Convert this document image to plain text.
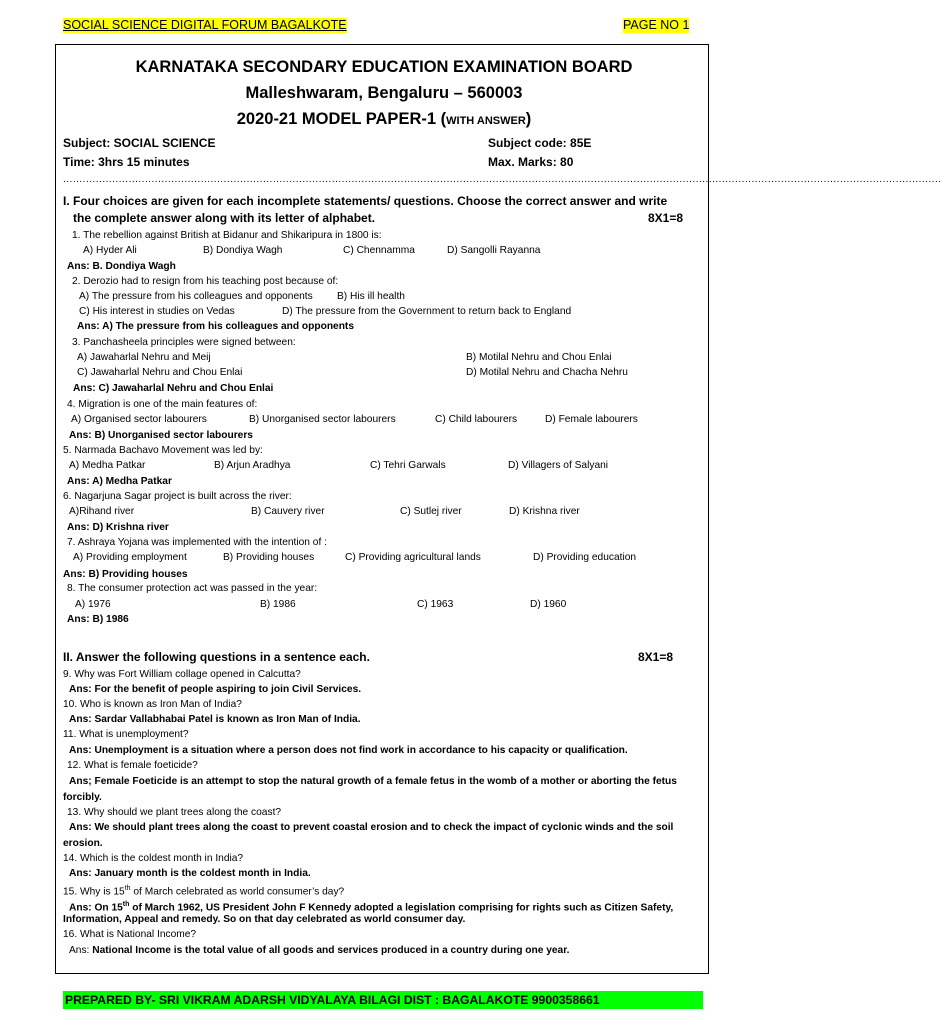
SOCIAL SCIENCE DIGITAL FORUM BAGALKOTE	PAGE NO 1
KARNATAKA SECONDARY EDUCATION EXAMINATION BOARD
Malleshwaram, Bengaluru – 560003
2020-21 MODEL PAPER-1 (WITH ANSWER)
Subject: SOCIAL SCIENCE	Subject code: 85E
Time: 3hrs 15 minutes	Max. Marks: 80
............................................................................................................................................................................................................................................................................
I. Four choices are given for each incomplete statements/ questions. Choose the correct answer and write
the complete answer along with its letter of alphabet.	8X1=8
1. The rebellion against British at Bidanur and Shikaripura in 1800 is:
A) Hyder Ali	B) Dondiya Wagh	C) Chennamma	D) Sangolli Rayanna
Ans: B. Dondiya Wagh
2. Derozio had to resign from his teaching post because of:
A) The pressure from his colleagues and opponents B) His ill health
C) His interest in studies on Vedas	D) The pressure from the Government to return back to England
Ans: A) The pressure from his colleagues and opponents
3. Panchasheela principles were signed between:
A) Jawaharlal Nehru and Meij	B) Motilal Nehru and Chou Enlai
C) Jawaharlal Nehru and Chou Enlai	D) Motilal Nehru and Chacha Nehru
Ans: C) Jawaharlal Nehru and Chou Enlai
4. Migration is one of the main features of:
A) Organised sector labourers	B) Unorganised sector labourers	C) Child labourers	D) Female labourers
Ans: B) Unorganised sector labourers
5. Narmada Bachavo Movement was led by:
A) Medha Patkar	B) Arjun Aradhya	C) Tehri Garwals	D) Villagers of Salyani
Ans: A) Medha Patkar
6. Nagarjuna Sagar project is built across the river:
A)Rihand river	B) Cauvery river	C) Sutlej river	D) Krishna river
Ans: D) Krishna river
7. Ashraya Yojana was implemented with the intention of :
A) Providing employment	B) Providing houses	C) Providing agricultural lands	D) Providing education
Ans: B) Providing houses
8. The consumer protection act was passed in the year:
A) 1976	B) 1986	C) 1963	D) 1960
Ans: B) 1986
II. Answer the following questions in a sentence each.	8X1=8
9. Why was Fort William collage opened in Calcutta?
Ans: For the benefit of people aspiring to join Civil Services.
10. Who is known as Iron Man of India?
Ans: Sardar Vallabhabai Patel is known as Iron Man of India.
11. What is unemployment?
Ans: Unemployment is a situation where a person does not find work in accordance to his capacity or qualification.
12. What is female foeticide?
Ans; Female Foeticide is an attempt to stop the natural growth of a female fetus in the womb of a mother or aborting the fetus
forcibly.
13. Why should we plant trees along the coast?
Ans: We should plant trees along the coast to prevent coastal erosion and to check the impact of cyclonic winds and the soil
erosion.
14. Which is the coldest month in India?
Ans: January month is the coldest month in India.
15. Why is 15th of March celebrated as world consumer’s day?
Ans: On 15th of March 1962, US President John F Kennedy adopted a legislation comprising for rights such as Citizen Safety,
Information, Appeal and remedy. So on that day celebrated as world consumer day.
16. What is National Income?
Ans: National Income is the total value of all goods and services produced in a country during one year.
PREPARED BY- SRI VIKRAM ADARSH VIDYALAYA BILAGI DIST : BAGALAKOTE 9900358661
